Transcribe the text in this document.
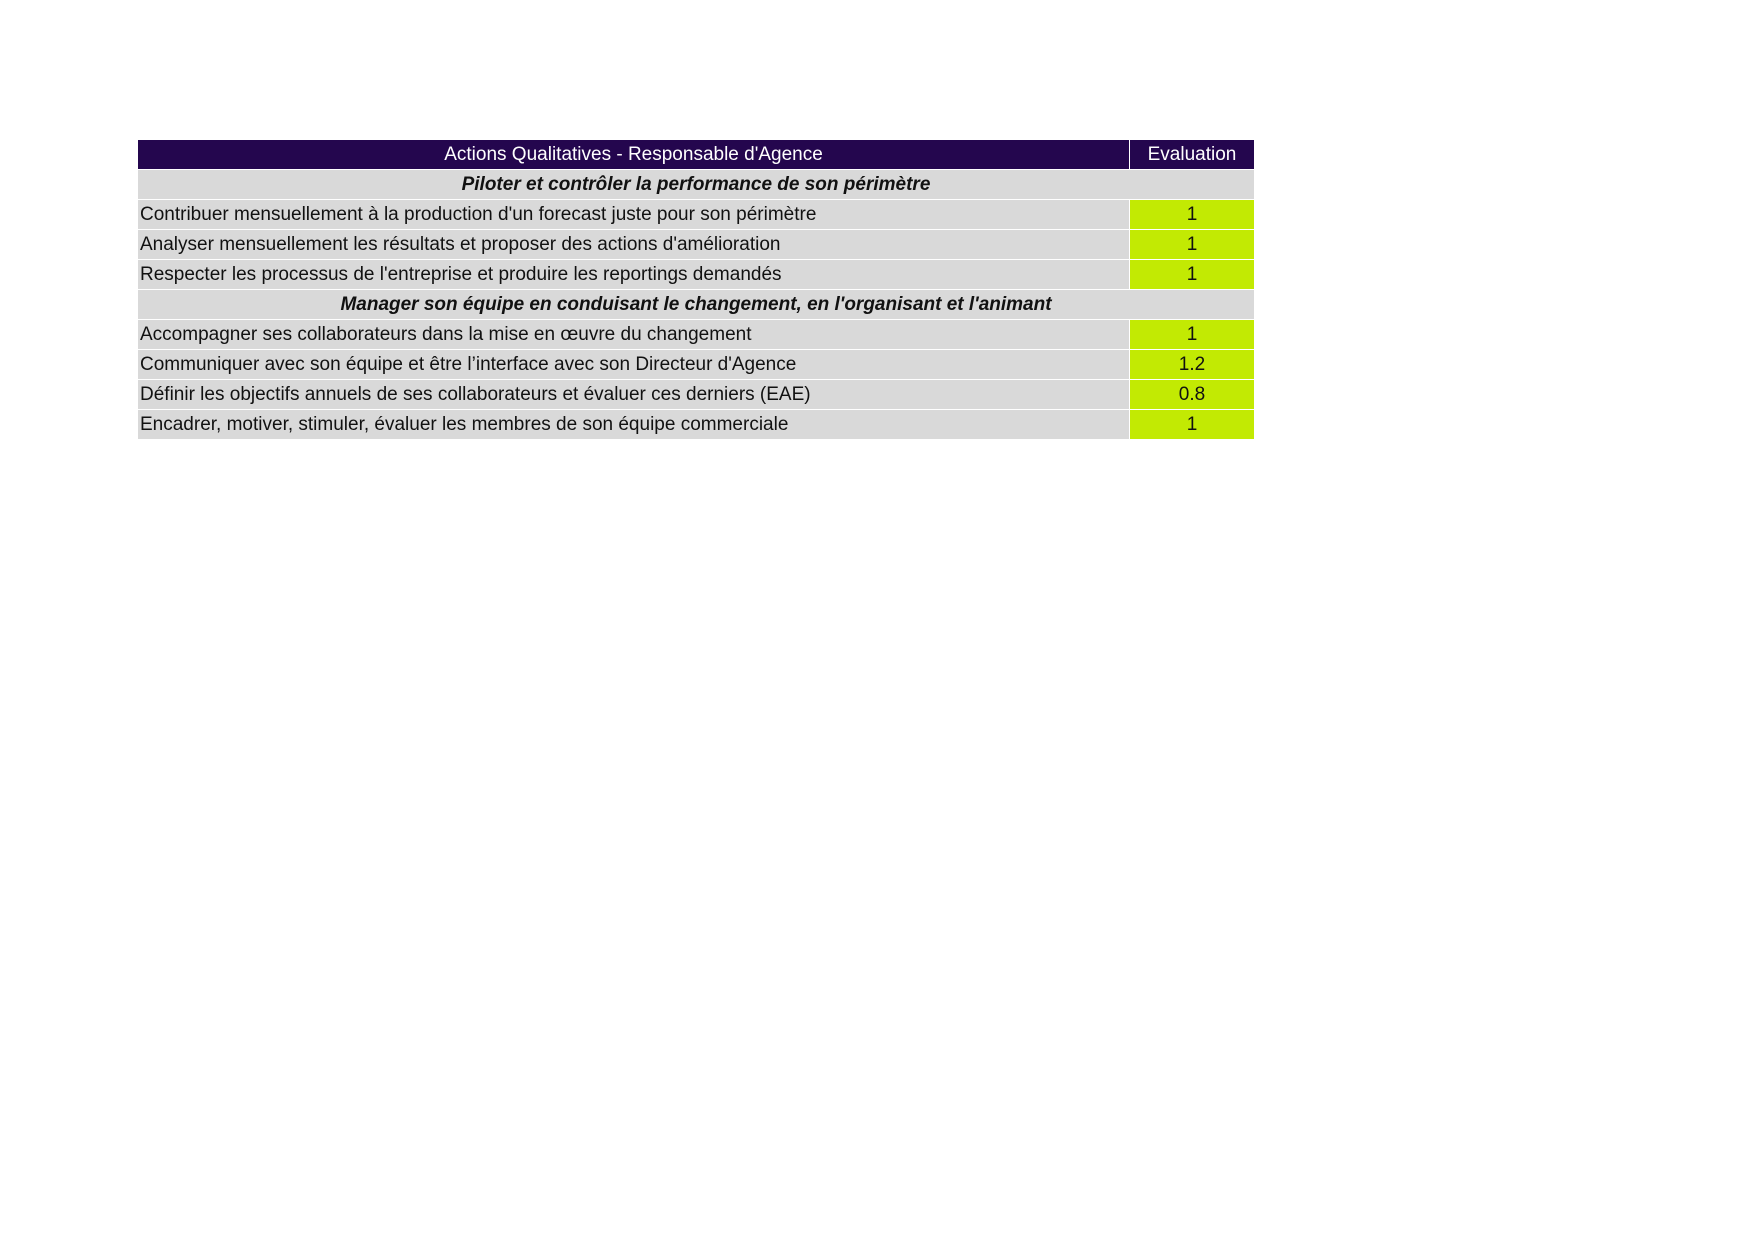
Actions Qualitatives - Responsable d'Agence	Evaluation
Piloter et contrôler la performance de son périmètre	
Contribuer mensuellement à la production d'un forecast juste pour son périmètre	1
Analyser mensuellement les résultats et proposer des actions d'amélioration	1
Respecter les processus de l'entreprise et produire les reportings demandés	1
Manager son équipe en conduisant le changement, en l'organisant et l'animant	
Accompagner ses collaborateurs dans la mise en œuvre du changement	1
Communiquer avec son équipe et être l’interface avec son Directeur d'Agence	1.2
Définir les objectifs annuels de ses collaborateurs et évaluer ces derniers (EAE)	0.8
Encadrer, motiver, stimuler, évaluer les membres de son équipe commerciale	1
